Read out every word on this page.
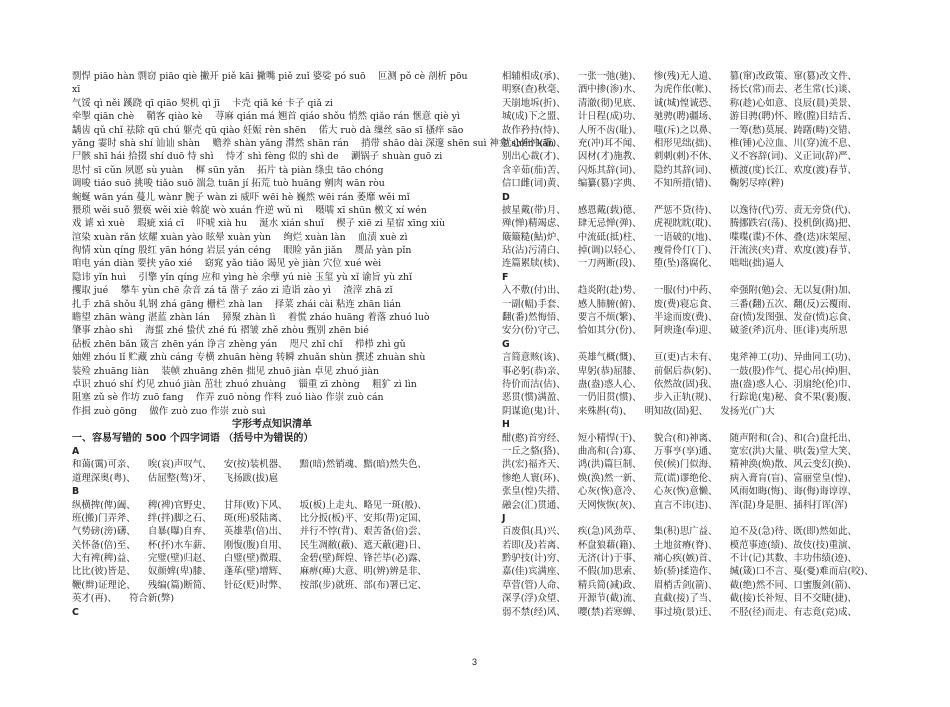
剽悍 piāo hàn 剽窃 piāo qiè 撇开 piě kāi 撇嘴 piě zuǐ 婆娑 pó suō 　叵测 pǒ cè 剖析 pōu
xī
气馁 qì něi 蹊跷 qī qiāo 契机 qì jī 　卡壳 qiǎ ké 卡子 qiǎ zi
牵掣 qiān chè 　鞘客 qiào kè 　荨麻 qián má 翘首 qiáo shǒu 悄然 qiǎo rán 惬意 qiè yì
龋齿 qǔ chǐ 祛除 qū chú 躯壳 qū qiào 妊娠 rèn shēn 　偌大 ruò dà 缫丝 sāo sī 搔痒 sāo
yǎng 霎时 shà shí 讪讪 shàn 　赡养 shàn yǎng 潸然 shān rán 　捎带 shāo dài 深邃 shēn suì 神龛 shén kān
尸骸 shī hái 拾掇 shí duō 恃 shì 　恃才 shì fèng 似的 shì de 　涮锅子 shuàn guō zi
思忖 sī cǔn 夙愿 sù yuàn 　樨 sūn yǎn 　拓片 tà piàn 绦虫 tāo chóng
调唆 tiáo suō 挑唆 tiǎo suō 湍急 tuān jí 拓荒 tuò huāng 剜肉 wān ròu
蜿蜒 wān yán 蔓儿 wànr 腕子 wàn zi 威吓 wēi hè 巍然 wēi rán 萎靡 wěi mǐ
猥琐 wěi suǒ 猥亵 wěi xiè 斡旋 wò xuán 忤逆 wǔ nì 　嗫嚅 xī shūn 檄文 xí wén
戏 谑 xì xuè 　瑕疵 xiá cī 　吓唬 xià hu 　涎水 xián shuǐ 　楔子 xiē zi 星宿 xīng xiù
渲染 xuàn rǎn 炫耀 xuàn yào 眩晕 xuàn yùn 　绚烂 xuàn làn 　血渍 xuè zì
徇情 xùn qíng 殷红 yān hóng 岩层 yán céng 　眼睑 yǎn jiǎn 　赝品 yàn pǐn
咱电 yán diàn 要挟 yāo xié 　窈窕 yǎo tiǎo 谒见 yè jiàn 穴位 xué wèi
隐讳 yǐn huì 　引擎 yǐn qíng 应和 yìng hè 余孽 yú niè 玉玺 yù xǐ 谕旨 yù zhǐ
攫取 jué 　攀车 yùn chē 杂音 zá tā 凿子 záo zi 造诣 zào yì 　渣滓 zhā zǐ
扎手 zhā shǒu 轧钢 zhá gāng 栅栏 zhà lan 　择菜 zhái cài 粘连 zhān lián
瞻望 zhān wàng 湛蓝 zhàn lán 　獐聚 zhàn lì 　着慌 zháo huāng 着落 zhuó luò
肇事 zhào shì 　海蜇 zhé 蛰伏 zhé fú 褶皱 zhě zhòu 甄别 zhēn bié
砧板 zhēn bǎn 箴言 zhēn yán 诤言 zhèng yán 　咫尺 zhǐ chǐ 　栉栉 zhì gǔ
妯娌 zhóu lǐ 贮藏 zhù cáng 专横 zhuān hèng 转瞬 zhuǎn shùn 撰述 zhuàn shù
装殓 zhuāng liàn 　装帧 zhuāng zhēn 拙见 zhuō jiàn 卓见 zhuó jiàn
卓识 zhuó shí 灼见 zhuó jiàn 茁壮 zhuó zhuàng 　锱重 zī zhòng 　粗犷 zì lìn
阻塞 zǔ sè 作坊 zuō fang 　作弄 zuō nòng 作料 zuó liào 作崇 zuò cán
作揖 zuò gōng 　做作 zuò zuo 作崇 zuò suì
字形考点知识清单
一、容易写错的 500 个四字词语 （括号中为错误的）
A
和蔼(霭)可亲、 　唉(哀)声叹气、 　安(按)装机器、 　黯(暗)然销魂、黯(暗)然失色、
道理深奥(粤)、 　估屈整(骜)牙、 　飞扬跋(拔)扈
B
纵横捭(俾)阖、 　稗(裨)官野史、 　甘拜(败)下风、 　坂(板)上走丸、略见一斑(般)、
班(搬)门弄斧、 　绊(拌)脚之石、 　斑(班)驳陆离、 　比分扳(板)平、安邦(帮)定国、
气势磅(滂)礴、 　自暴(曝)自弃、 　英雄辈(倍)出、 　并行不悖(背)、艰苦备(倍)尝、
关怀备(倍)至、 　杯(抔)水车薪、 　刚愎(腹)自用、 　民生凋敝(蔽)、遮天蔽(避)日、
大有裨(稗)益、 　完璧(壁)归赵、 　白璧(壁)微瑕、 　金碧(壁)辉煌、锋芒毕(必)露、
比比(彼)皆是、 　奴颜婢(卑)膝、 　蓬荜(壁)增辉、 　麻痹(痺)大意、明(辨)辨是非、
鞭(辫)证理论、 　残编(篇)断简、 　针砭(贬)时弊、 　按部(步)就班、部(布)署已定、
英才(再)、 　符合新(弊)
C
相辅相成(承)、 　一张一弛(驰)、 　惨(残)无人道、 　篡(窜)改政策、窜(篡)改文件、
明察(查)秋毫、 　酒中掺(渗)水、 　为虎作伥(帐)、 　扬长(常)而去、老生常(长)谈、
天崩地坼(折)、 　清澈(彻)见底、 　诚(城)惶诚恐、 　称(趁)心如意、良辰(晨)美景、
城(成)下之盟、 　计日程(成)功、 　驰骋(聘)疆场、 　游目骋(聘)怀、瞠(膛)目结舌、
故作矜持(恃)、 　人所不齿(耻)、 　嗤(斥)之以鼻、 　一筹(愁)莫展、踌躇(畴)交错、
忧心忡忡(重)、 　充(冲)耳不闻、 　相形见绌(拙)、 　椎(锤)心泣血、川(穿)流不息、
别出心裁(才)、 　因材(才)施教、 　刺刺(剌)不休、 　义不容辞(词)、义正词(辞)严、
含辛茹(茄)苦、 　闪烁其辞(词)、 　隐约其辞(词)、 　横渡(度)长江、欢度(渡)春节、
信口雌(词)黄、 　编纂(篡)字典、 　不知所措(错)、 　鞠躬尽瘁(粹)
D
披星戴(带)月、 　感恩戴(载)德、 　严惩不贷(待)、 　以逸待(代)劳、责无旁贷(代)、
殚(惮)精竭虑、 　肆无忌惮(弹)、 　虎视眈眈(耽)、 　腾挪跌宕(荡)、投机倒(捣)把、
簸簸糙(鮎)炉、 　中流砥(抵)柱、 　一语破的(地)、 　喋喋(谍)不休、叠(迭)床架屋、
玷(沾)污清白、 　掉(调)以轻心、 　瘦骨伶仃(丁)、 　汗流浃(夹)背、欢度(渡)春节、
连篇累牍(椟)、 　一刀两断(段)、 　堕(坠)落腐化、 　咄咄(拙)逼人
F
入不敷(付)出、 　趋炎附(赴)势、 　一服(付)中药、 　牵强附(勉)会、无以复(附)加、
一副(幅)手套、 　感人肺腑(俯)、 　废(费)寝忘食、 　三番(翻)五次、翻(反)云覆雨、
翻(番)然悔悟、 　要言不烦(繁)、 　半途而废(费)、 　奋(愤)发图强、发奋(愤)忘食、
安分(份)守己、 　恰如其分(份)、 　阿谀逢(奉)迎、 　破釜(斧)沉舟、匪(诽)夷所思
G
言简意赅(该)、 　英雄气概(慨)、 　亘(更)古未有、 　鬼斧神工(功)、异曲同工(功)、
事必躬(恭)亲、 　卑躬(恭)屈膝、 　前倨后恭(躬)、 　一鼓(股)作气、提心吊(掉)胆、
待价而沽(估)、 　蛊(盎)惑人心、 　依然故(固)我、 　蛊(盎)惑人心、羽扇纶(伦)巾、
恶贯(惯)满盈、 　一仍旧贯(惯)、 　步入正轨(规)、 　行踪诡(鬼)秘、食不果(裹)腹、
阴谋诡(鬼)计、 　来殊斟(苟)、 　明知故(固)犯、 　发扬光(广)大
H
酣(憨)首穷经、 　短小精悍(干)、 　貌合(和)神离、 　随声附和(合)、和(合)盘托出、
一丘之貉(狢)、 　曲高和(合)寡、 　万事亨(享)通、 　宽宏(洪)大量、哄(轰)堂大笑、
洪(宏)福齐天、 　鸿(洪)篇巨制、 　侯(候)门似海、 　精神涣(焕)散、风云变幻(换)、
惨绝人寰(环)、 　焕(涣)然一新、 　荒(谎)谬绝伦、 　病入膏肓(盲)、富丽堂皇(惶)、
张皇(惶)失措、 　心灰(恢)意冷、 　心灰(恢)意懒、 　风雨如晦(悔)、诲(侮)诲谆谆、
融会(汇)贯通、 　天网恢恢(灰)、 　直言不讳(违)、 　浑(混)身是胆、插科打诨(浑)
J
百废俱(具)兴、 　疾(急)风劲草、 　集(积)思广益、 　迫不及(急)待、既(即)然如此、
若即(及)若离、 　杯盘狼藉(籍)、 　土地贫瘠(脊)、 　模范事迹(绩)、故伎(技)重演、
黔驴技(计)穷、 　无济(计)于事、 　痛心疾(嫉)首、 　不计(记)其数、丰功伟绩(迹)、
嘉(佳)宾满座、 　不假(加)思索、 　娇(骄)揉造作、 　缄(箴)口不言、戛(憂)难而启(咬)、
草菅(管)人命、 　精兵简(减)政、 　眉梢舌剑(箭)、 　截(绝)然不同、口蜜腹剑(箭)、
深孚(浮)众望、 　开源节(截)流、 　直截(接)了当、 　截(接)长补短、目不交睫(捷)、
弱不禁(经)风、 　嘤(禁)若寒蝉、 　事过境(景)迁、 　不胫(径)而走、有志竟(竞)成、
3
